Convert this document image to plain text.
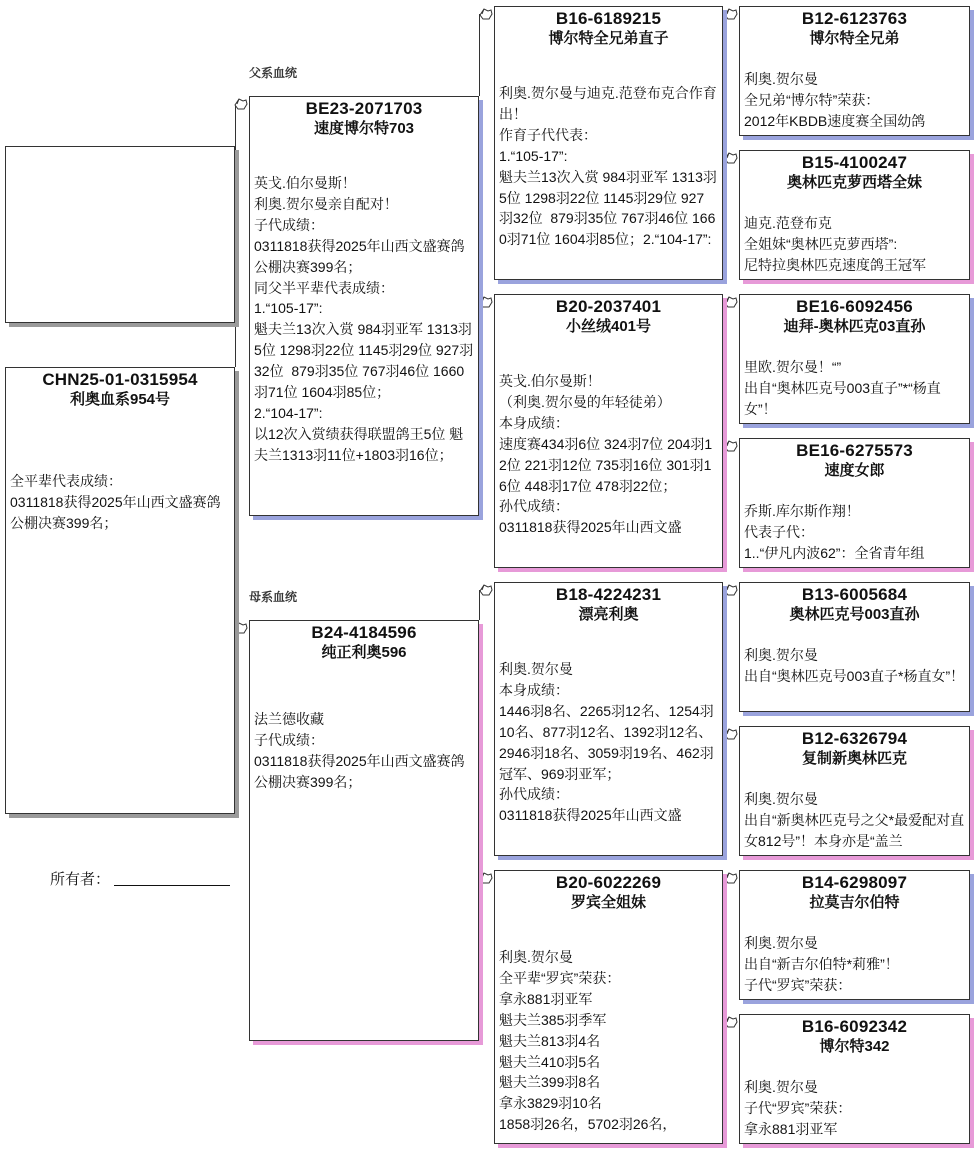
CHN25-01-0315954
利奥血系954号
全平辈代表成绩：
0311818获得2025年山西文盛赛鸽公棚决赛399名；
所有者：
父系血统
母系血统
BE23-2071703
速度博尔特703
英戈.伯尔曼斯！
利奥.贺尔曼亲自配对！
子代成绩：
0311818获得2025年山西文盛赛鸽公棚决赛399名；
同父半平辈代表成绩：
1.“105-17”:
魁夫兰13次入赏 984羽亚军 1313羽5位 1298羽22位 1145羽29位 927羽32位  879羽35位 767羽46位 1660羽71位 1604羽85位；
2.“104-17”:
以12次入赏绩获得联盟鸽王5位 魁夫兰1313羽11位+1803羽16位；
B24-4184596
纯正利奥596
法兰德收藏
子代成绩：
0311818获得2025年山西文盛赛鸽公棚决赛399名；
B16-6189215
博尔特全兄弟直子
利奥.贺尔曼与迪克.范登布克合作育出！
作育子代代表：
1.“105-17”:
魁夫兰13次入赏 984羽亚军 1313羽5位 1298羽22位 1145羽29位 927羽32位  879羽35位 767羽46位 1660羽71位 1604羽85位；2.“104-17”:
B20-2037401
小丝绒401号
英戈.伯尔曼斯！
（利奥.贺尔曼的年轻徒弟）
本身成绩：
速度赛434羽6位 324羽7位 204羽12位 221羽12位 735羽16位 301羽16位 448羽17位 478羽22位；
孙代成绩：
0311818获得2025年山西文盛
B18-4224231
漂亮利奥
利奥.贺尔曼
本身成绩：
1446羽8名、2265羽12名、1254羽10名、877羽12名、1392羽12名、2946羽18名、3059羽19名、462羽冠军、969羽亚军；
孙代成绩：
0311818获得2025年山西文盛
B20-6022269
罗宾全姐妹
利奥.贺尔曼
全平辈“罗宾”荣获：
拿永881羽亚军
魁夫兰385羽季军
魁夫兰813羽4名
魁夫兰410羽5名
魁夫兰399羽8名
拿永3829羽10名
1858羽26名，5702羽26名，
B12-6123763
博尔特全兄弟
利奥.贺尔曼
全兄弟“博尔特”荣获：
2012年KBDB速度赛全国幼鸽
B15-4100247
奥林匹克萝西塔全妹
迪克.范登布克
全姐妹“奥林匹克萝西塔”:
尼特拉奥林匹克速度鸽王冠军
BE16-6092456
迪拜-奥林匹克03直孙
里欧.贺尔曼！“”
出自“奥林匹克号003直子”*“杨直女”！
BE16-6275573
速度女郎
乔斯.库尔斯作翔！
代表子代：
1..“伊凡内波62”：全省青年组
B13-6005684
奥林匹克号003直孙
利奥.贺尔曼
出自“奥林匹克号003直子*杨直女”！
B12-6326794
复制新奥林匹克
利奥.贺尔曼
出自“新奥林匹克号之父*最爱配对直女812号”！本身亦是“盖兰
B14-6298097
拉莫吉尔伯特
利奥.贺尔曼
出自“新吉尔伯特*莉雅”！
子代“罗宾”荣获：
B16-6092342
博尔特342
利奥.贺尔曼
子代“罗宾”荣获：
拿永881羽亚军
